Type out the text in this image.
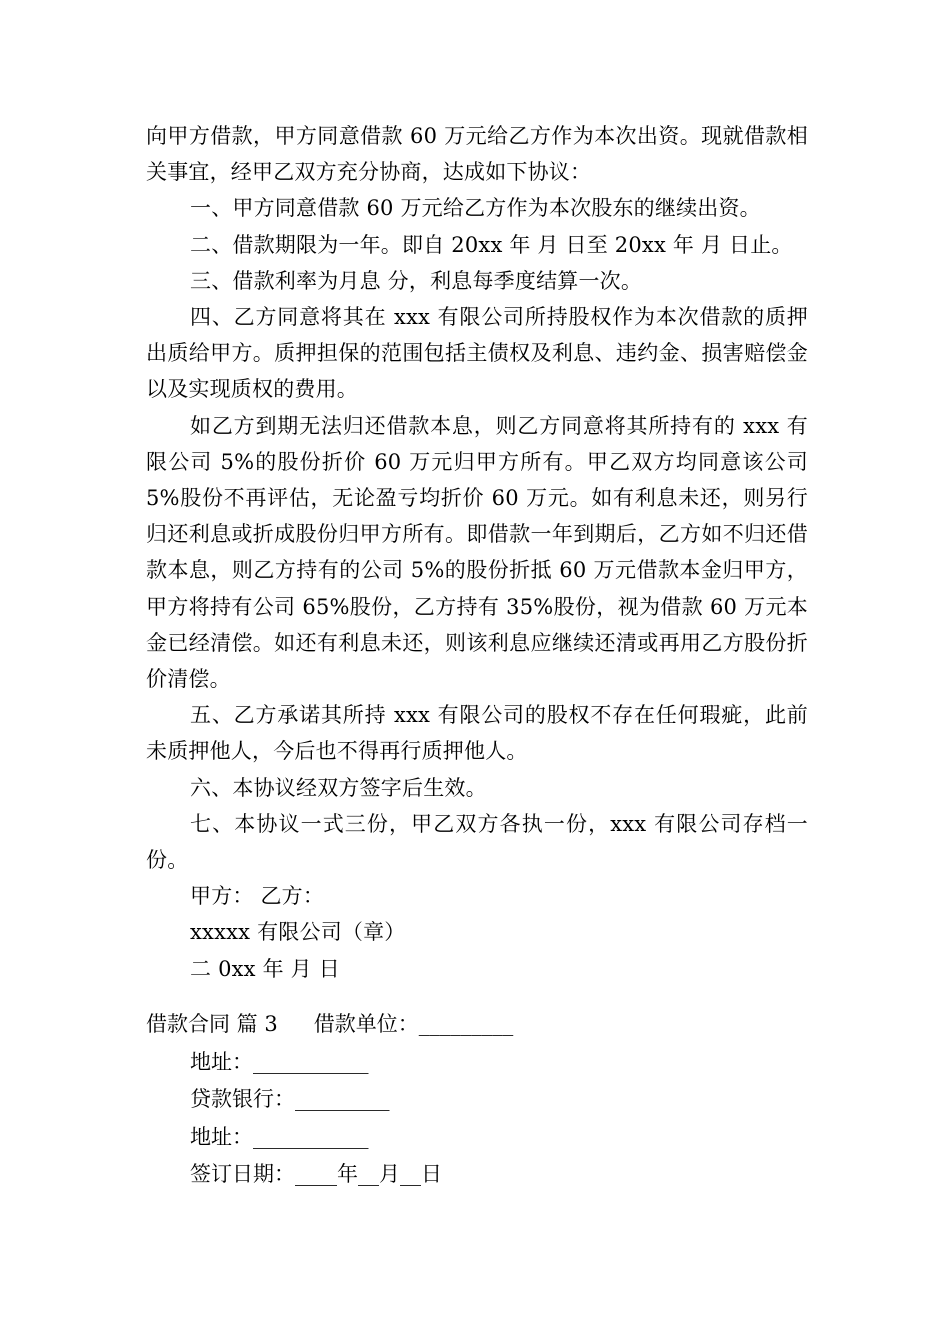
向甲方借款，甲方同意借款 60 万元给乙方作为本次出资。现就借款相关事宜，经甲乙双方充分协商，达成如下协议：

一、甲方同意借款 60 万元给乙方作为本次股东的继续出资。

二、借款期限为一年。即自 20xx 年 月 日至 20xx 年 月 日止。

三、借款利率为月息 分，利息每季度结算一次。

四、乙方同意将其在 xxx 有限公司所持股权作为本次借款的质押出质给甲方。质押担保的范围包括主债权及利息、违约金、损害赔偿金以及实现质权的费用。

如乙方到期无法归还借款本息，则乙方同意将其所持有的 xxx 有限公司 5%的股份折价 60 万元归甲方所有。甲乙双方均同意该公司 5%股份不再评估，无论盈亏均折价 60 万元。如有利息未还，则另行归还利息或折成股份归甲方所有。即借款一年到期后，乙方如不归还借款本息，则乙方持有的公司 5%的股份折抵 60 万元借款本金归甲方，甲方将持有公司 65%股份，乙方持有 35%股份，视为借款 60 万元本金已经清偿。如还有利息未还，则该利息应继续还清或再用乙方股份折价清偿。

五、乙方承诺其所持 xxx 有限公司的股权不存在任何瑕疵，此前未质押他人，今后也不得再行质押他人。

六、本协议经双方签字后生效。

七、本协议一式三份，甲乙双方各执一份，xxx 有限公司存档一份。

甲方： 乙方：

xxxxx 有限公司（章）

二 0xx 年 月 日

借款合同 篇 3 借款单位：_________
地址：___________
贷款银行：_________
地址：___________
签订日期：____年__月__日
